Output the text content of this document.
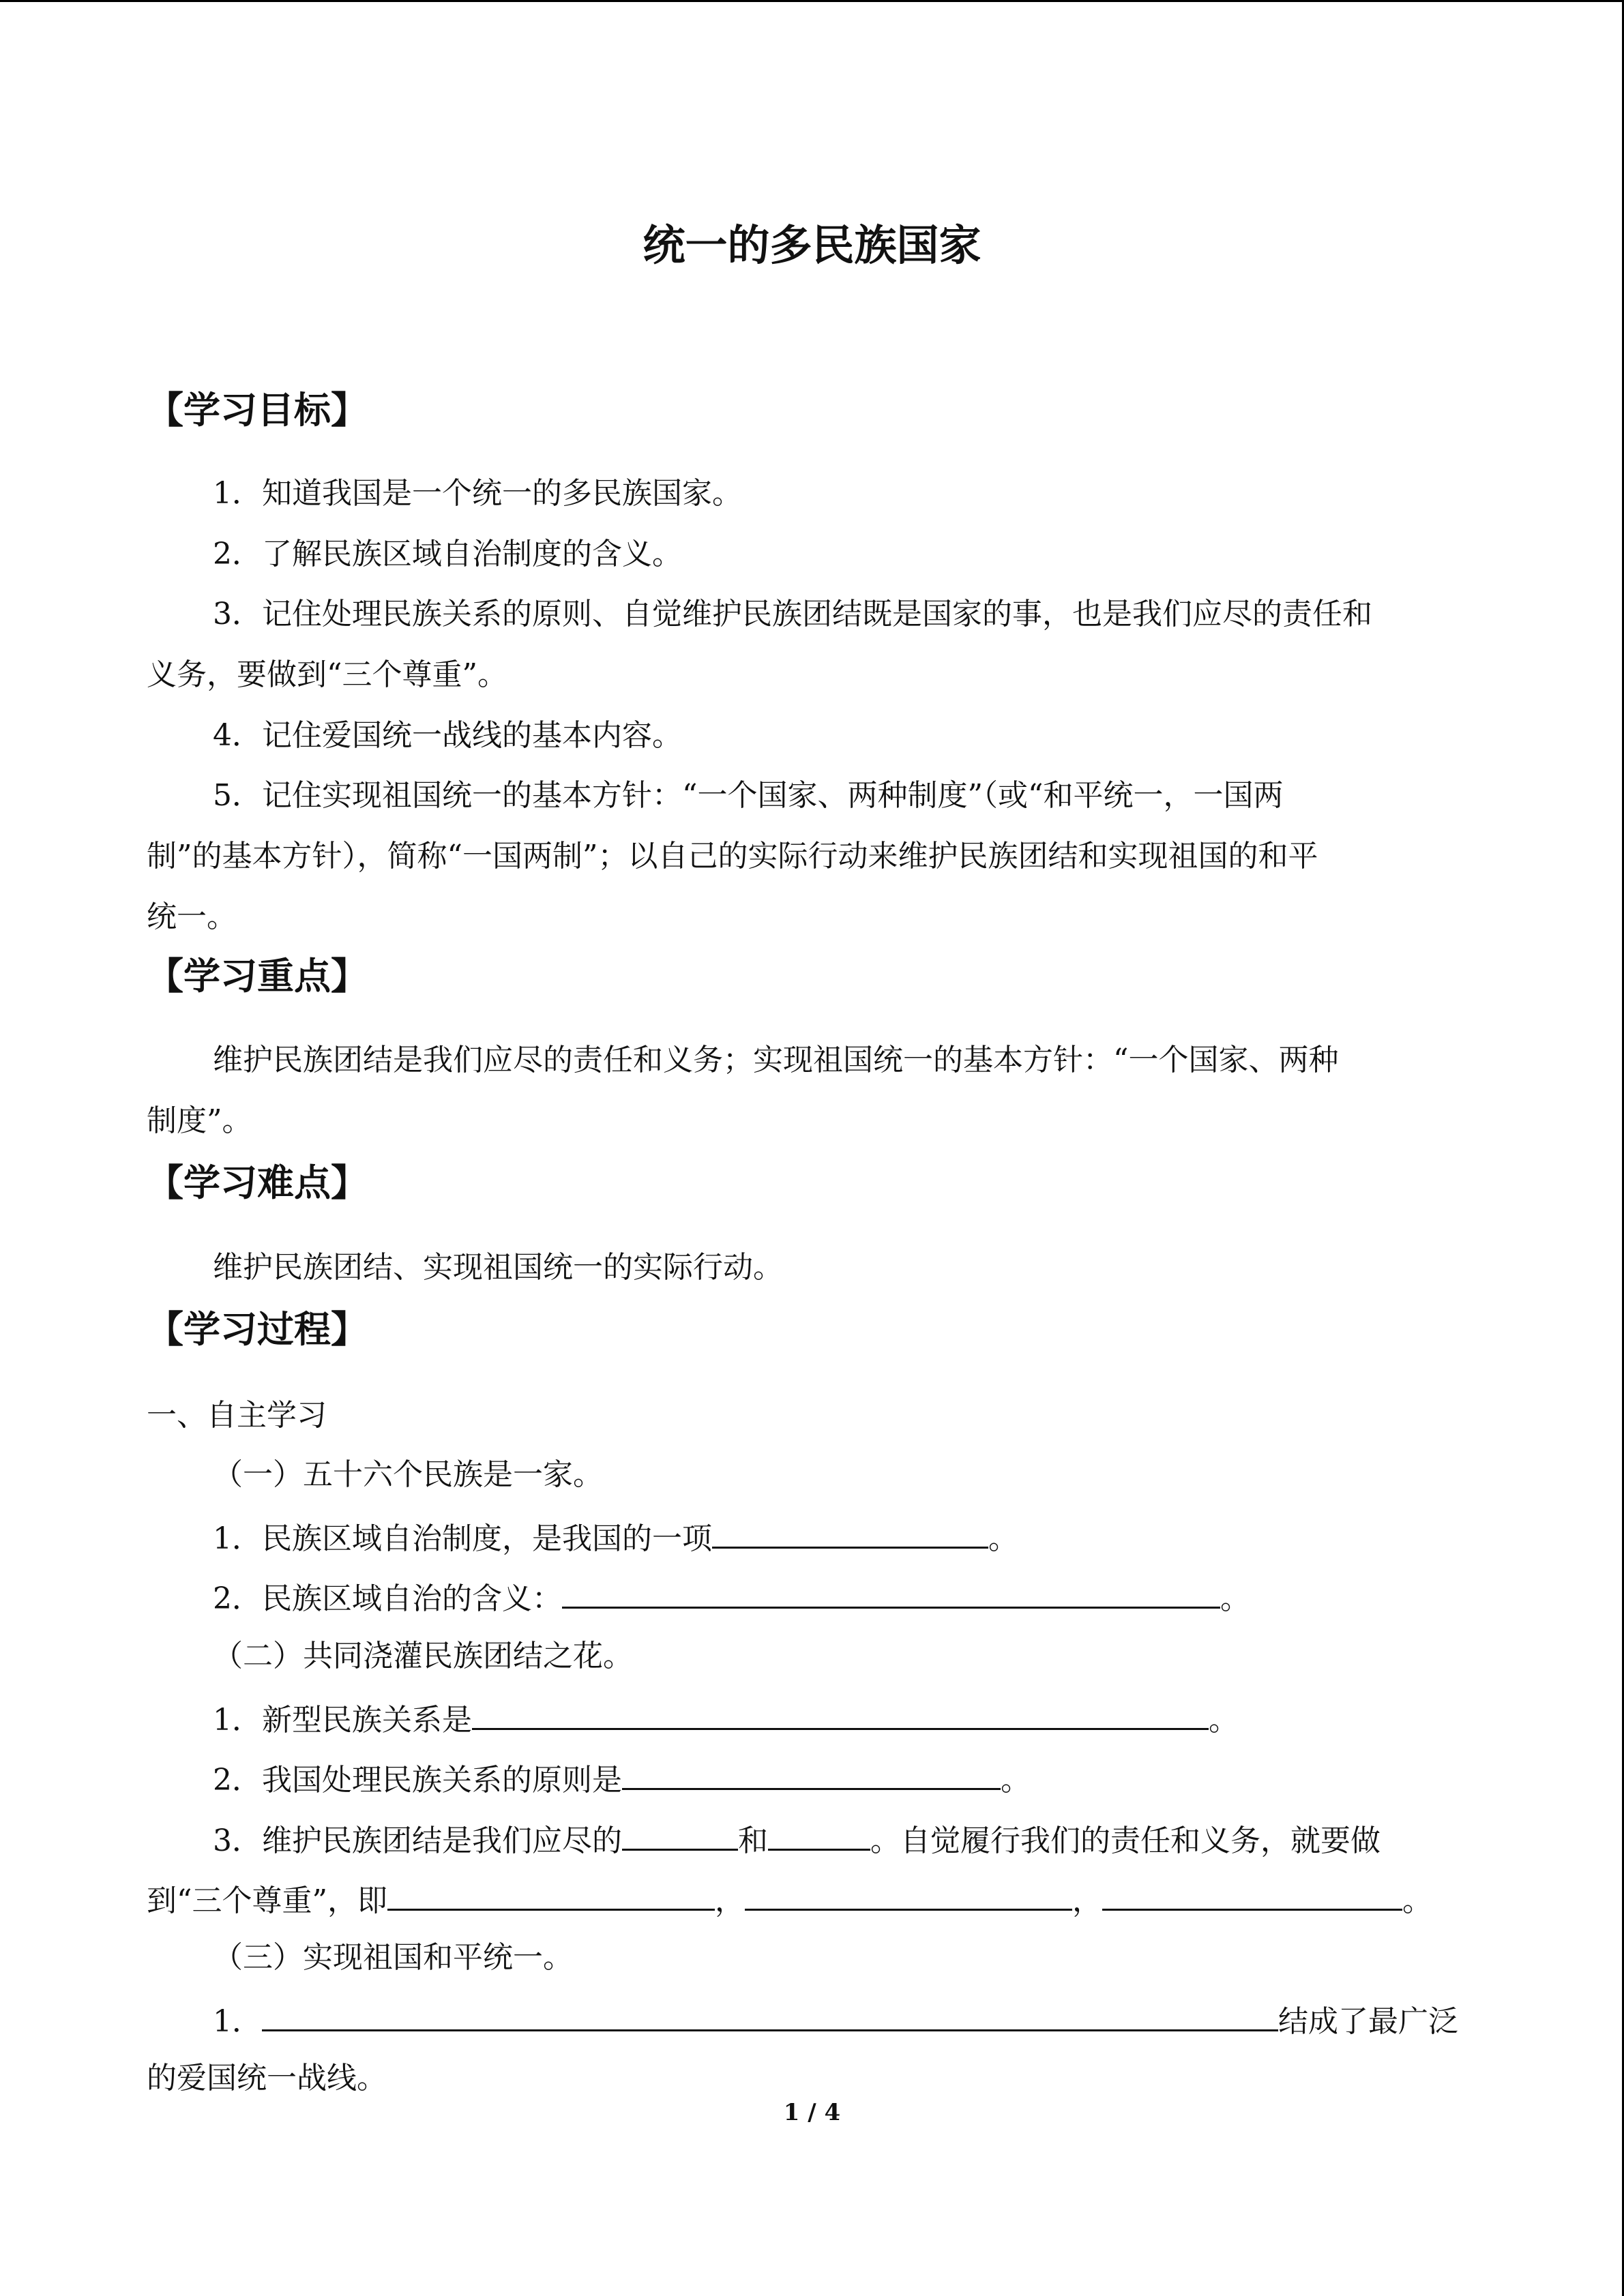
统一的多民族国家
【学习目标】
1．知道我国是一个统一的多民族国家。
2．了解民族区域自治制度的含义。
3．记住处理民族关系的原则、自觉维护民族团结既是国家的事，也是我们应尽的责任和
义务，要做到“三个尊重”。
4．记住爱国统一战线的基本内容。
5．记住实现祖国统一的基本方针：“一个国家、两种制度”（或“和平统一，一国两
制”的基本方针），简称“一国两制”；以自己的实际行动来维护民族团结和实现祖国的和平
统一。
【学习重点】
维护民族团结是我们应尽的责任和义务；实现祖国统一的基本方针：“一个国家、两种
制度”。
【学习难点】
维护民族团结、实现祖国统一的实际行动。
【学习过程】
一、自主学习
（一）五十六个民族是一家。
1．民族区域自治制度，是我国的一项	。
2．民族区域自治的含义：	。
（二）共同浇灌民族团结之花。
1．新型民族关系是	。
2．我国处理民族关系的原则是	。
3．维护民族团结是我们应尽的	和	。自觉履行我们的责任和义务，就要做
到“三个尊重”，即	，	，	。
（三）实现祖国和平统一。
1．	结成了最广泛
的爱国统一战线。
1 / 4
